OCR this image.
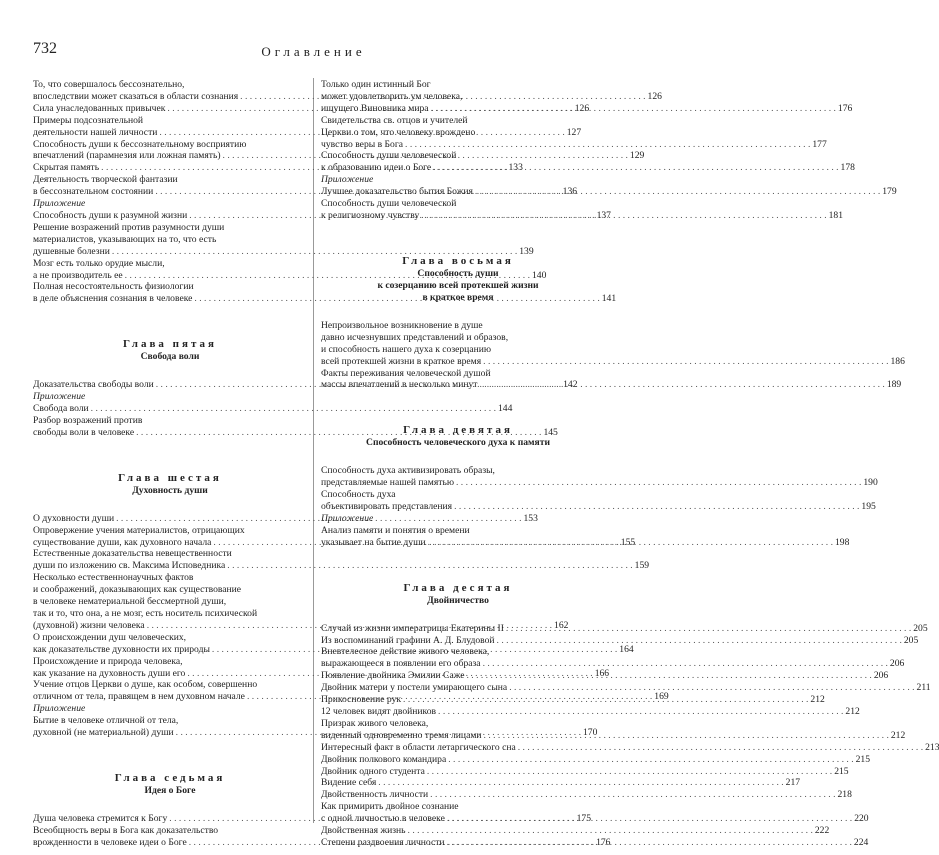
732	Оглавление
То, что совершалось бессознательно,
впоследствии может сказаться в области сознания . . .	126
Сила унаследованных привычек . . .	126
Примеры подсознательной
деятельности нашей личности . . .	127
Способность души к бессознательному восприятию
впечатлений (парамнезия или ложная память) . . .	129
Скрытая память . . .	133
Деятельность творческой фантазии
в бессознательном состоянии . . .	136
Приложение
Способность души к разумной жизни . . .	137
Решение возражений против разумности души
материалистов, указывающих на то, что есть
душевные болезни . . .	139
Мозг есть только орудие мысли,
а не производитель ее . . .	140
Полная несостоятельность физиологии
в деле объяснения сознания в человеке . . .	141
Глава пятая
Свобода воли
Доказательства свободы воли . . .	142
Приложение
Свобода воли . . .	144
Разбор возражений против
свободы воли в человеке . . .	145
Глава шестая
Духовность души
О духовности души . . .	153
Опровержение учения материалистов, отрицающих
существование души, как духовного начала . . .	155
Естественные доказательства невещественности
души по изложению св. Максима Исповедника . . .	159
Несколько естественнонаучных фактов
и соображений, доказывающих как существование
в человеке нематериальной бессмертной души,
так и то, что она, а не мозг, есть носитель психической
(духовной) жизни человека . . .	162
О происхождении душ человеческих,
как доказательстве духовности их природы . . .	164
Происхождение и природа человека,
как указание на духовность души его . . .	166
Учение отцов Церкви о душе, как особом, совершенно
отличном от тела, правящем в нем духовном начале . . .	169
Приложение
Бытие в человеке отличной от тела,
духовной (не материальной) души . . .	170
Глава седьмая
Идея о Боге
Душа человека стремится к Богу . . .	175
Всеобщность веры в Бога как доказательство
врожденности в человеке идеи о Боге . . .	176
Только один истинный Бог
может удовлетворить ум человека,
ищущего Виновника мира . . .	176
Свидетельства св. отцов и учителей
Церкви о том, что человеку врождено
чувство веры в Бога . . .	177
Способность души человеческой
к образованию идеи о Боге . . .	178
Приложение
Лучшее доказательство бытия Божия . . .	179
Способность души человеческой
к религиозному чувству . . .	181
Глава восьмая
Способность души
к созерцанию всей протекшей жизни
в краткое время
Непроизвольное возникновение в душе
давно исчезнувших представлений и образов,
и способность нашего духа к созерцанию
всей протекшей жизни в краткое время . . .	186
Факты переживания человеческой душой
массы впечатлений в несколько минут . . .	189
Глава девятая
Способность человеческого духа к памяти
Способность духа активизировать образы,
представляемые нашей памятью . . .	190
Способность духа
объективировать представления . . .	195
Приложение
Анализ памяти и понятия о времени
указывает на бытие души . . .	198
Глава десятая
Двойничество
Случай из жизни императрицы Екатерины II . . .	205
Из воспоминаний графини А. Д. Блудовой . . .	205
Вневтелесное действие живого человека,
выражающееся в появлении его образа . . .	206
Появление двойника Эмилии Саже . . .	206
Двойник матери у постели умирающего сына . . .	211
Прикосновение рук . . .	212
12 человек видят двойников . . .	212
Призрак живого человека,
виденный одновременно тремя лицами . . .	212
Интересный факт в области летаргического сна . . .	213
Двойник полкового командира . . .	215
Двойник одного студента . . .	215
Видение себя . . .	217
Двойственность личности . . .	218
Как примирить двойное сознание
с одной личностью в человеке . . .	220
Двойственная жизнь . . .	222
Степени раздвоения личности . . .	224
